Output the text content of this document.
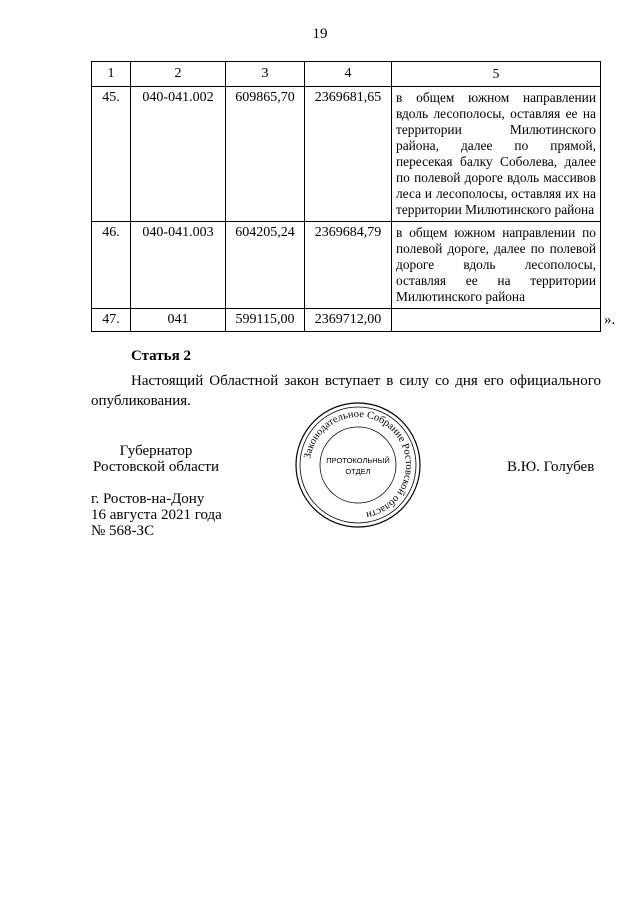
19
1	2	3	4	5
45.	040-041.002	609865,70	2369681,65	в общем южном направлении вдоль лесополосы, оставляя ее на территории Милютинского района, далее по прямой, пересекая балку Соболева, далее по полевой дороге вдоль массивов леса и лесополосы, оставляя их на территории Милютинского района
46.	040-041.003	604205,24	2369684,79	в общем южном направлении по полевой дороге, далее по полевой дороге вдоль лесополосы, оставляя ее на территории Милютинского района
47.	041	599115,00	2369712,00		».
Статья 2
Настоящий Областной закон вступает в силу со дня его официального опубликования.
Губернатор Ростовской области	В.Ю. Голубев
г. Ростов-на-Дону
16 августа 2021 года
№ 568-ЗС
Законодательное Собрание Ростовской области
ПРОТОКОЛЬНЫЙ
ОТДЕЛ
